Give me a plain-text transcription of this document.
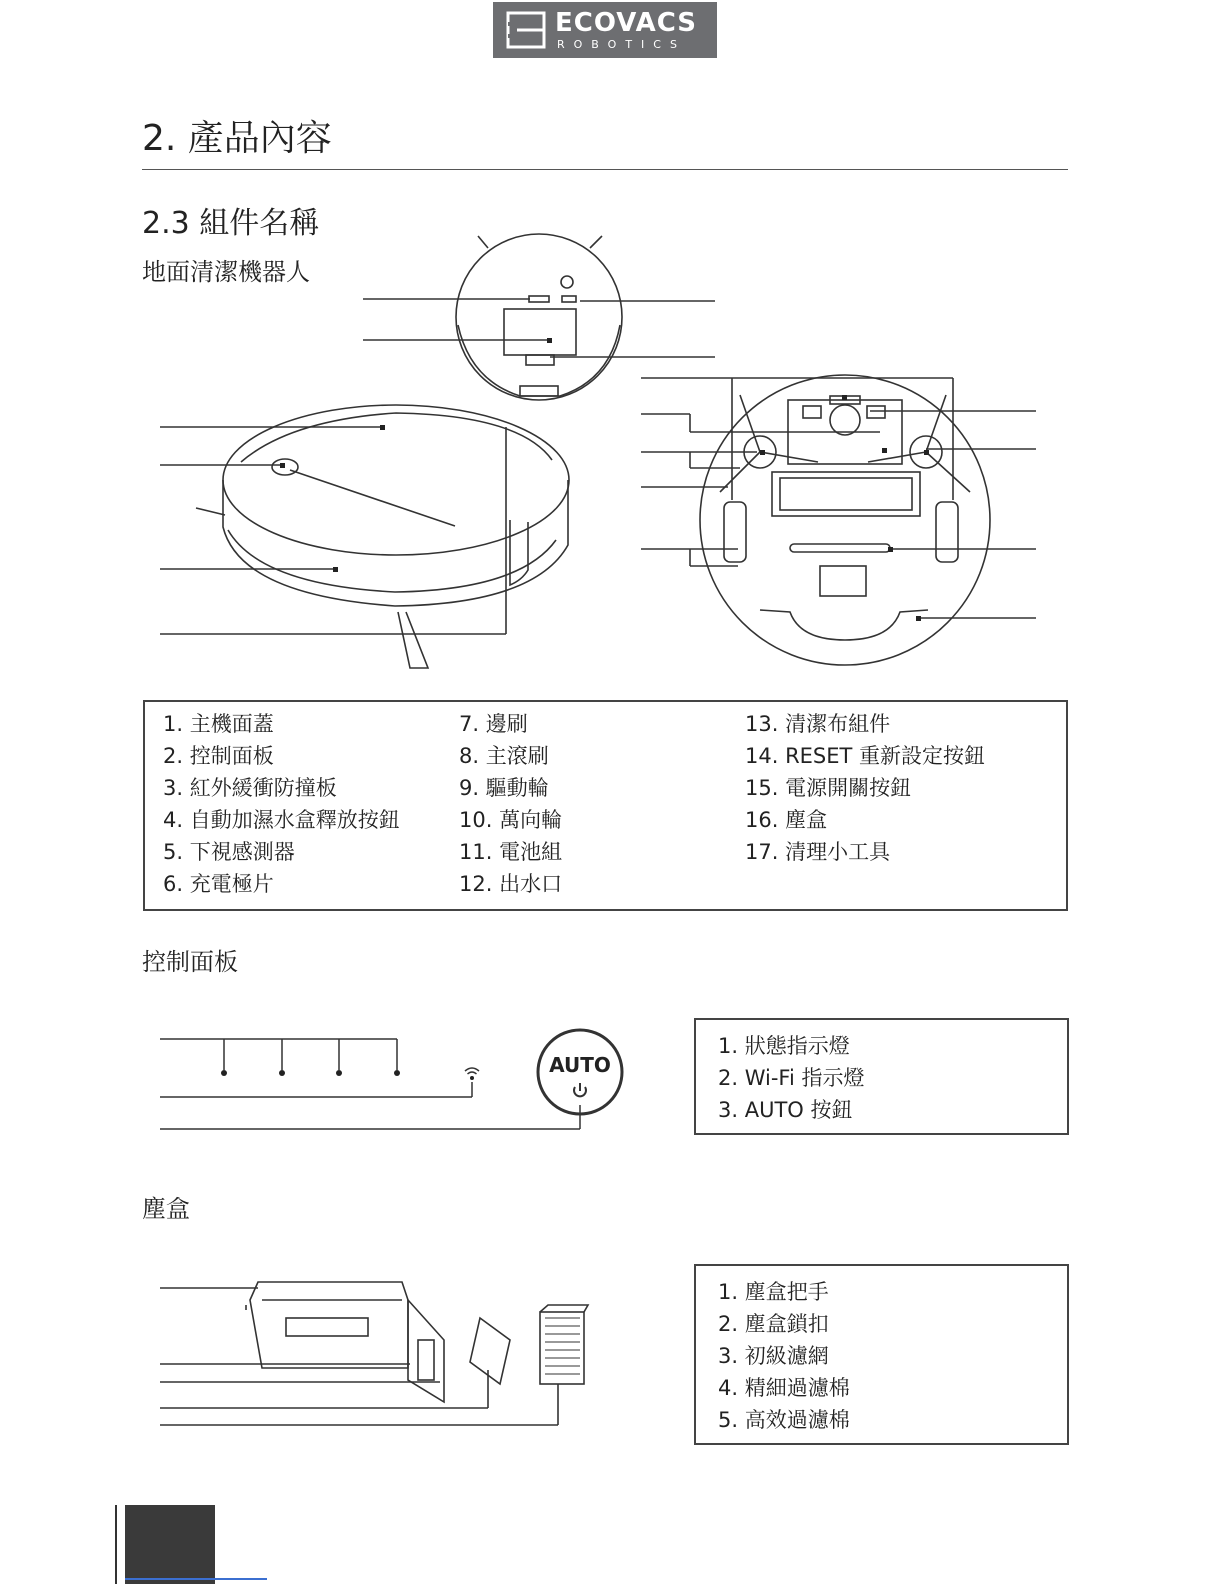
ECOVACS
ROBOTICS
2. 產品內容
2.3 組件名稱
地面清潔機器人
1. 主機面蓋
2. 控制面板
3. 紅外緩衝防撞板
4. 自動加濕水盒釋放按鈕
5. 下視感測器
6. 充電極片
7. 邊刷
8. 主滾刷
9. 驅動輪
10. 萬向輪
11. 電池組
12. 出水口
13. 清潔布組件
14. RESET 重新設定按鈕
15. 電源開關按鈕
16. 塵盒
17. 清理小工具
控制面板
AUTO
1. 狀態指示燈
2. Wi-Fi 指示燈
3. AUTO 按鈕
塵盒
1. 塵盒把手
2. 塵盒鎖扣
3. 初級濾網
4. 精細過濾棉
5. 高效過濾棉
